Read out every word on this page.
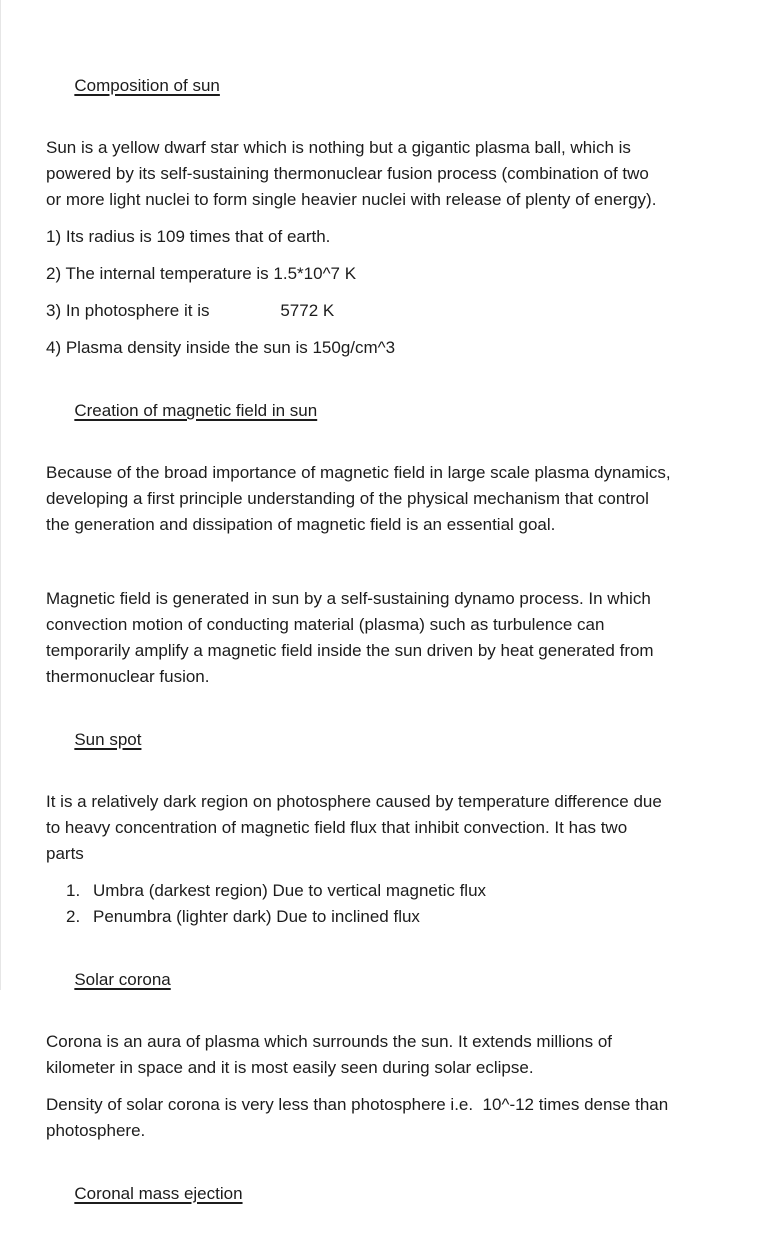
Composition of sun

Sun is a yellow dwarf star which is nothing but a gigantic plasma ball, which is
powered by its self-sustaining thermonuclear fusion process (combination of two
or more light nuclei to form single heavier nuclei with release of plenty of energy).
1) Its radius is 109 times that of earth.
2) The internal temperature is 1.5*10^7 K
3) In photosphere it is               5772 K
4) Plasma density inside the sun is 150g/cm^3

Creation of magnetic field in sun

Because of the broad importance of magnetic field in large scale plasma dynamics,
developing a first principle understanding of the physical mechanism that control
the generation and dissipation of magnetic field is an essential goal.
Magnetic field is generated in sun by a self-sustaining dynamo process. In which
convection motion of conducting material (plasma) such as turbulence can
temporarily amplify a magnetic field inside the sun driven by heat generated from
thermonuclear fusion.

Sun spot

It is a relatively dark region on photosphere caused by temperature difference due
to heavy concentration of magnetic field flux that inhibit convection. It has two
parts
1. Umbra (darkest region) Due to vertical magnetic flux
2. Penumbra (lighter dark) Due to inclined flux

Solar corona

Corona is an aura of plasma which surrounds the sun. It extends millions of
kilometer in space and it is most easily seen during solar eclipse.
Density of solar corona is very less than photosphere i.e.  10^-12 times dense than
photosphere.

Coronal mass ejection
